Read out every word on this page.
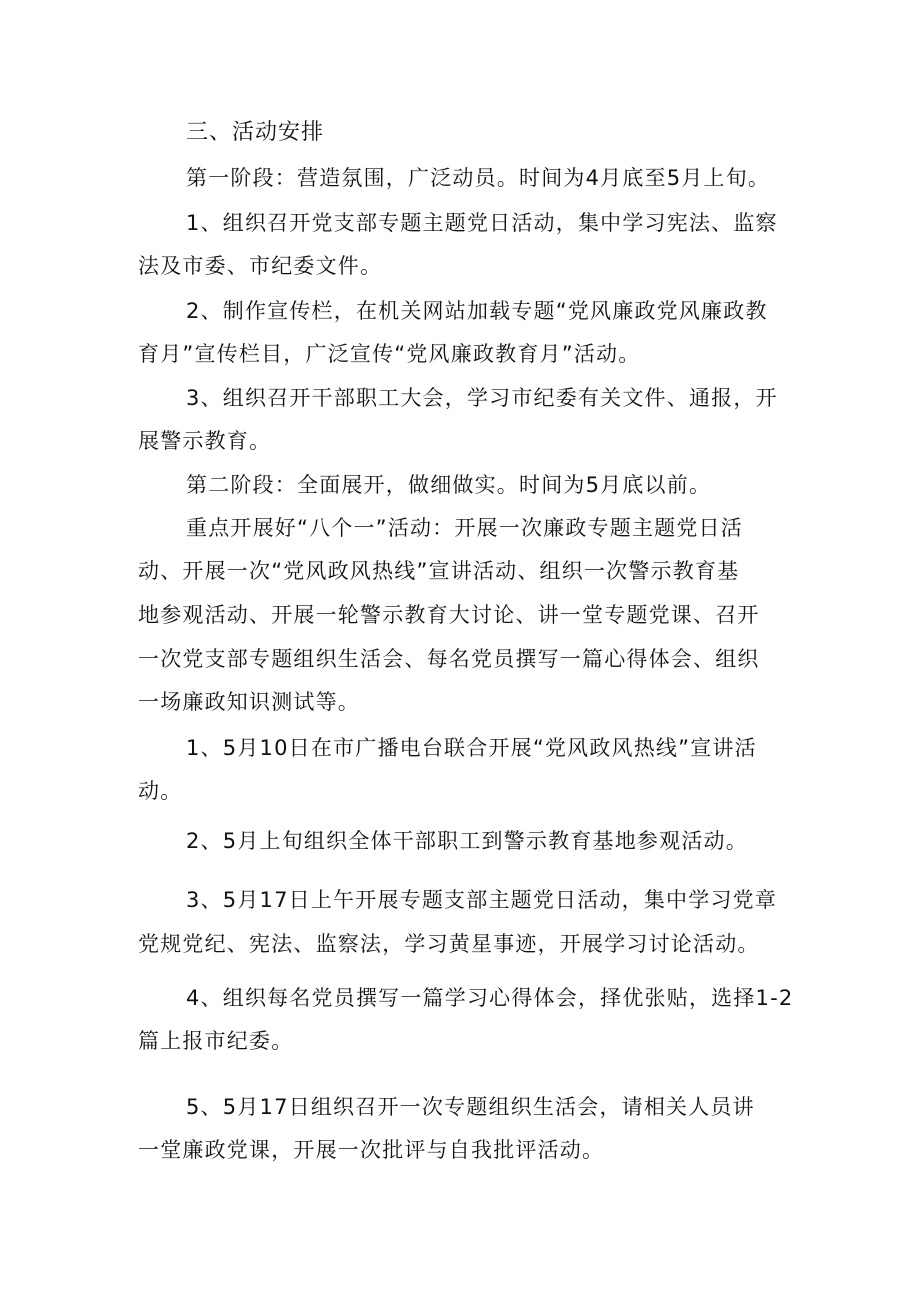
三、活动安排
第一阶段：营造氛围，广泛动员。时间为4月底至5月上旬。
1、组织召开党支部专题主题党日活动，集中学习宪法、监察
法及市委、市纪委文件。
2、制作宣传栏，在机关网站加载专题“党风廉政党风廉政教
育月”宣传栏目，广泛宣传“党风廉政教育月”活动。
3、组织召开干部职工大会，学习市纪委有关文件、通报，开
展警示教育。
第二阶段：全面展开，做细做实。时间为5月底以前。
重点开展好“八个一”活动：开展一次廉政专题主题党日活
动、开展一次“党风政风热线”宣讲活动、组织一次警示教育基
地参观活动、开展一轮警示教育大讨论、讲一堂专题党课、召开
一次党支部专题组织生活会、每名党员撰写一篇心得体会、组织
一场廉政知识测试等。
1、5月10日在市广播电台联合开展“党风政风热线”宣讲活
动。
2、5月上旬组织全体干部职工到警示教育基地参观活动。
3、5月17日上午开展专题支部主题党日活动，集中学习党章
党规党纪、宪法、监察法，学习黄星事迹，开展学习讨论活动。
4、组织每名党员撰写一篇学习心得体会，择优张贴，选择1-2
篇上报市纪委。
5、5月17日组织召开一次专题组织生活会，请相关人员讲
一堂廉政党课，开展一次批评与自我批评活动。
